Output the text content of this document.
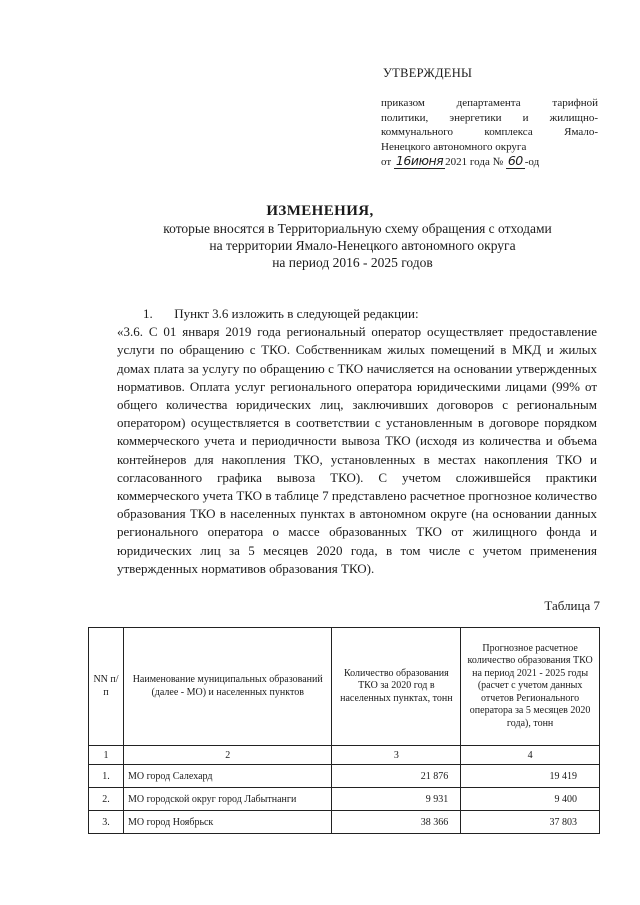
УТВЕРЖДЕНЫ

приказом департамента тарифной

политики, энергетики и жилищно-

коммунального комплекса Ямало-

Ненецкого автономного округа

от 16июня 2021 года № 60 -од
ИЗМЕНЕНИЯ,
которые вносятся в Территориальную схему обращения с отходами
на территории Ямало-Ненецкого автономного округа
на период 2016 - 2025 годов

1. Пункт 3.6 изложить в следующей редакции:

«3.6. С 01 января 2019 года региональный оператор осуществляет предоставление услуги по обращению с ТКО. Собственникам жилых помещений в МКД и жилых домах плата за услугу по обращению с ТКО начисляется на основании утвержденных нормативов. Оплата услуг регионального оператора юридическими лицами (99% от общего количества юридических лиц, заключивших договоров с региональным оператором) осуществляется в соответствии с установленным в договоре порядком коммерческого учета и периодичности вывоза ТКО (исходя из количества и объема контейнеров для накопления ТКО, установленных в местах накопления ТКО и согласованного графика вывоза ТКО). С учетом сложившейся практики коммерческого учета ТКО в таблице 7 представлено расчетное прогнозное количество образования ТКО в населенных пунктах в автономном округе (на основании данных регионального оператора о массе образованных ТКО от жилищного фонда и юридических лиц за 5 месяцев 2020 года, в том числе с учетом применения утвержденных нормативов образования ТКО).

Таблица 7
NN п/п	Наименование муниципальных образований (далее - МО) и населенных пунктов	Количество образования ТКО за 2020 год в населенных пунктах, тонн	Прогнозное расчетное количество образования ТКО на период 2021 - 2025 годы (расчет с учетом данных отчетов Регионального оператора за 5 месяцев 2020 года), тонн
1	2	3	4
1.	МО город Салехард	21 876	19 419
2.	МО городской округ город Лабытнанги	9 931	9 400
3.	МО город Ноябрьск	38 366	37 803
